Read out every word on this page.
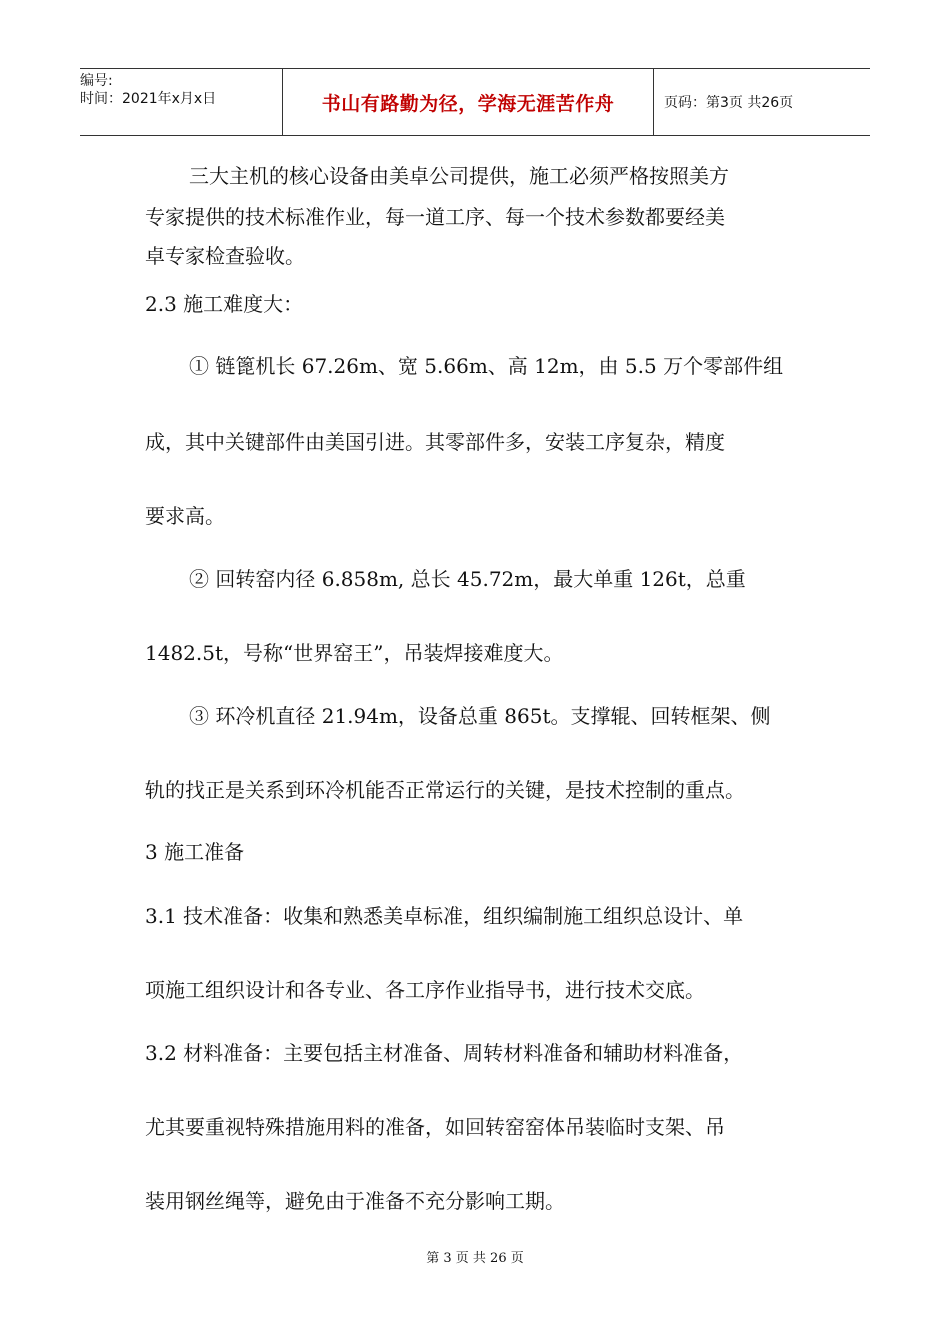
编号:
时间：2021年x月x日	书山有路勤为径，学海无涯苦作舟	页码：第3页 共26页

三大主机的核心设备由美卓公司提供，施工必须严格按照美方

专家提供的技术标准作业，每一道工序、每一个技术参数都要经美

卓专家检查验收。

2.3 施工难度大：

① 链篦机长 67.26m、宽 5.66m、高 12m，由 5.5 万个零部件组

成，其中关键部件由美国引进。其零部件多，安装工序复杂，精度

要求高。

② 回转窑内径 6.858m, 总长 45.72m，最大单重 126t，总重

1482.5t，号称“世界窑王”，吊装焊接难度大。

③ 环冷机直径 21.94m，设备总重 865t。支撑辊、回转框架、侧

轨的找正是关系到环冷机能否正常运行的关键，是技术控制的重点。

3 施工准备

3.1 技术准备：收集和熟悉美卓标准，组织编制施工组织总设计、单

项施工组织设计和各专业、各工序作业指导书，进行技术交底。

3.2 材料准备：主要包括主材准备、周转材料准备和辅助材料准备，

尤其要重视特殊措施用料的准备，如回转窑窑体吊装临时支架、吊

装用钢丝绳等，避免由于准备不充分影响工期。

第 3 页 共 26 页
